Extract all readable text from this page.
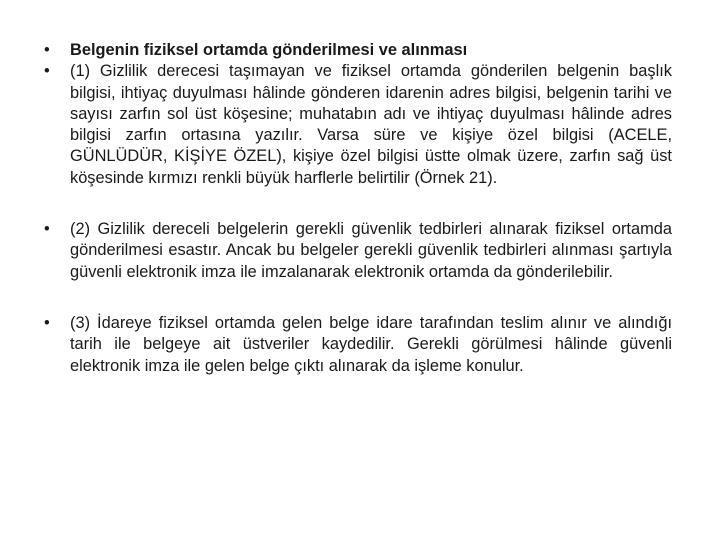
•	Belgenin fiziksel ortamda gönderilmesi ve alınması
•	(1) Gizlilik derecesi taşımayan ve fiziksel ortamda gönderilen belgenin başlık bilgisi, ihtiyaç duyulması hâlinde gönderen idarenin adres bilgisi, belgenin tarihi ve sayısı zarfın sol üst köşesine; muhatabın adı ve ihtiyaç duyulması hâlinde adres bilgisi zarfın ortasına yazılır. Varsa süre ve kişiye özel bilgisi (ACELE, GÜNLÜDÜR, KİŞİYE ÖZEL), kişiye özel bilgisi üstte olmak üzere, zarfın sağ üst köşesinde kırmızı renkli büyük harflerle belirtilir (Örnek 21).
•	(2) Gizlilik dereceli belgelerin gerekli güvenlik tedbirleri alınarak fiziksel ortamda gönderilmesi esastır. Ancak bu belgeler gerekli güvenlik tedbirleri alınması şartıyla güvenli elektronik imza ile imzalanarak elektronik ortamda da gönderilebilir.
•	(3) İdareye fiziksel ortamda gelen belge idare tarafından teslim alınır ve alındığı tarih ile belgeye ait üstveriler kaydedilir. Gerekli görülmesi hâlinde güvenli elektronik imza ile gelen belge çıktı alınarak da işleme konulur.
